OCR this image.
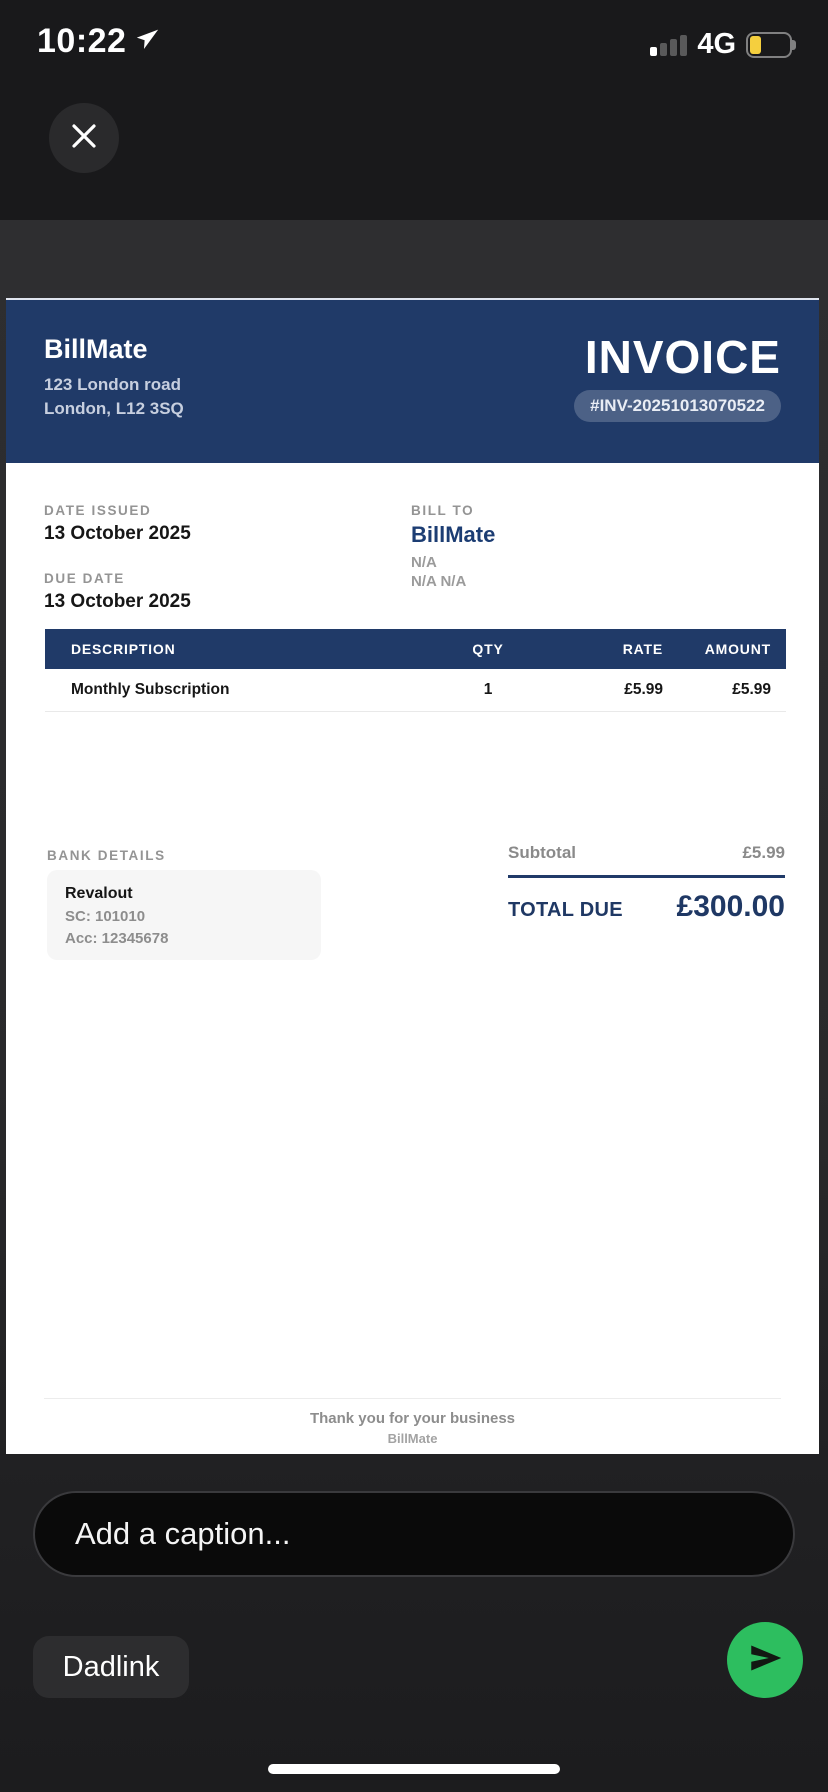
10:22	4G
BillMate
123 London road
London, L12 3SQ
INVOICE
#INV-20251013070522
DATE ISSUED
13 October 2025
DUE DATE
13 October 2025
BILL TO
BillMate
N/A
N/A N/A
DESCRIPTION	QTY	RATE	AMOUNT
Monthly Subscription	1	£5.99	£5.99
BANK DETAILS
Revalout
SC: 101010
Acc: 12345678
Subtotal	£5.99
TOTAL DUE £300.00
Thank you for your business
BillMate
Add a caption...
Dadlink
